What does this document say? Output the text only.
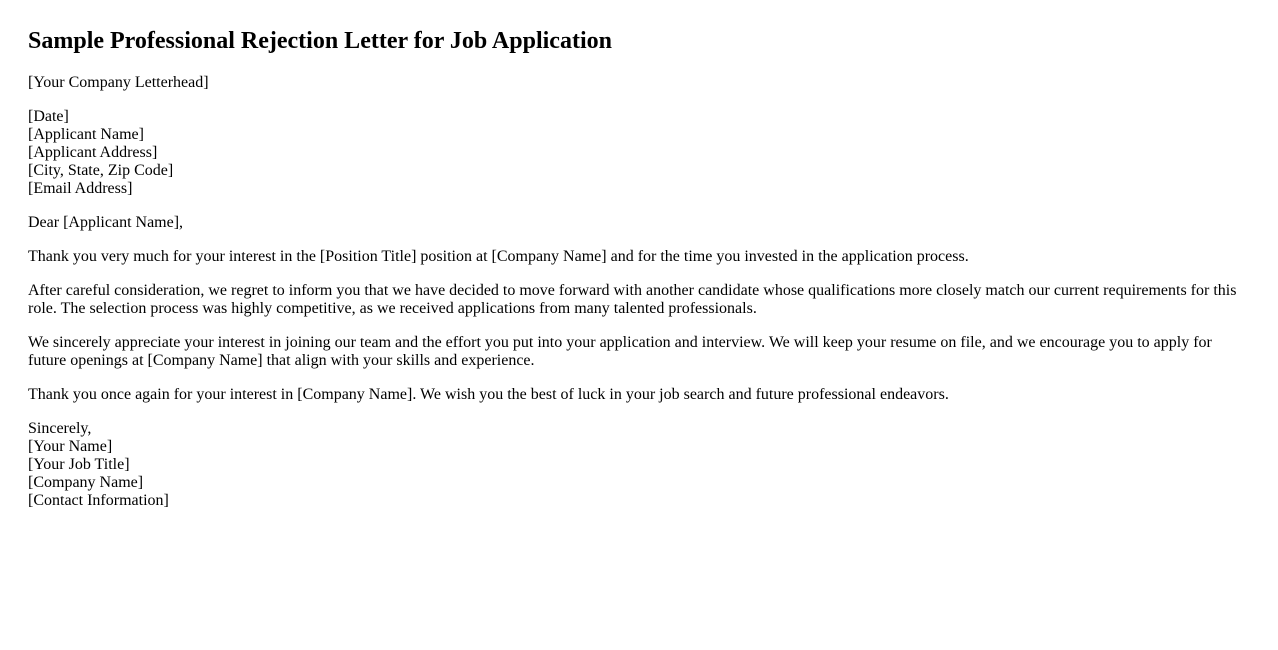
Sample Professional Rejection Letter for Job Application

[Your Company Letterhead]

[Date]
[Applicant Name]
[Applicant Address]
[City, State, Zip Code]
[Email Address]

Dear [Applicant Name],

Thank you very much for your interest in the [Position Title] position at [Company Name] and for the time you invested in the application process.

After careful consideration, we regret to inform you that we have decided to move forward with another candidate whose qualifications more closely match our current requirements for this role. The selection process was highly competitive, as we received applications from many talented professionals.

We sincerely appreciate your interest in joining our team and the effort you put into your application and interview. We will keep your resume on file, and we encourage you to apply for future openings at [Company Name] that align with your skills and experience.

Thank you once again for your interest in [Company Name]. We wish you the best of luck in your job search and future professional endeavors.

Sincerely,
[Your Name]
[Your Job Title]
[Company Name]
[Contact Information]
